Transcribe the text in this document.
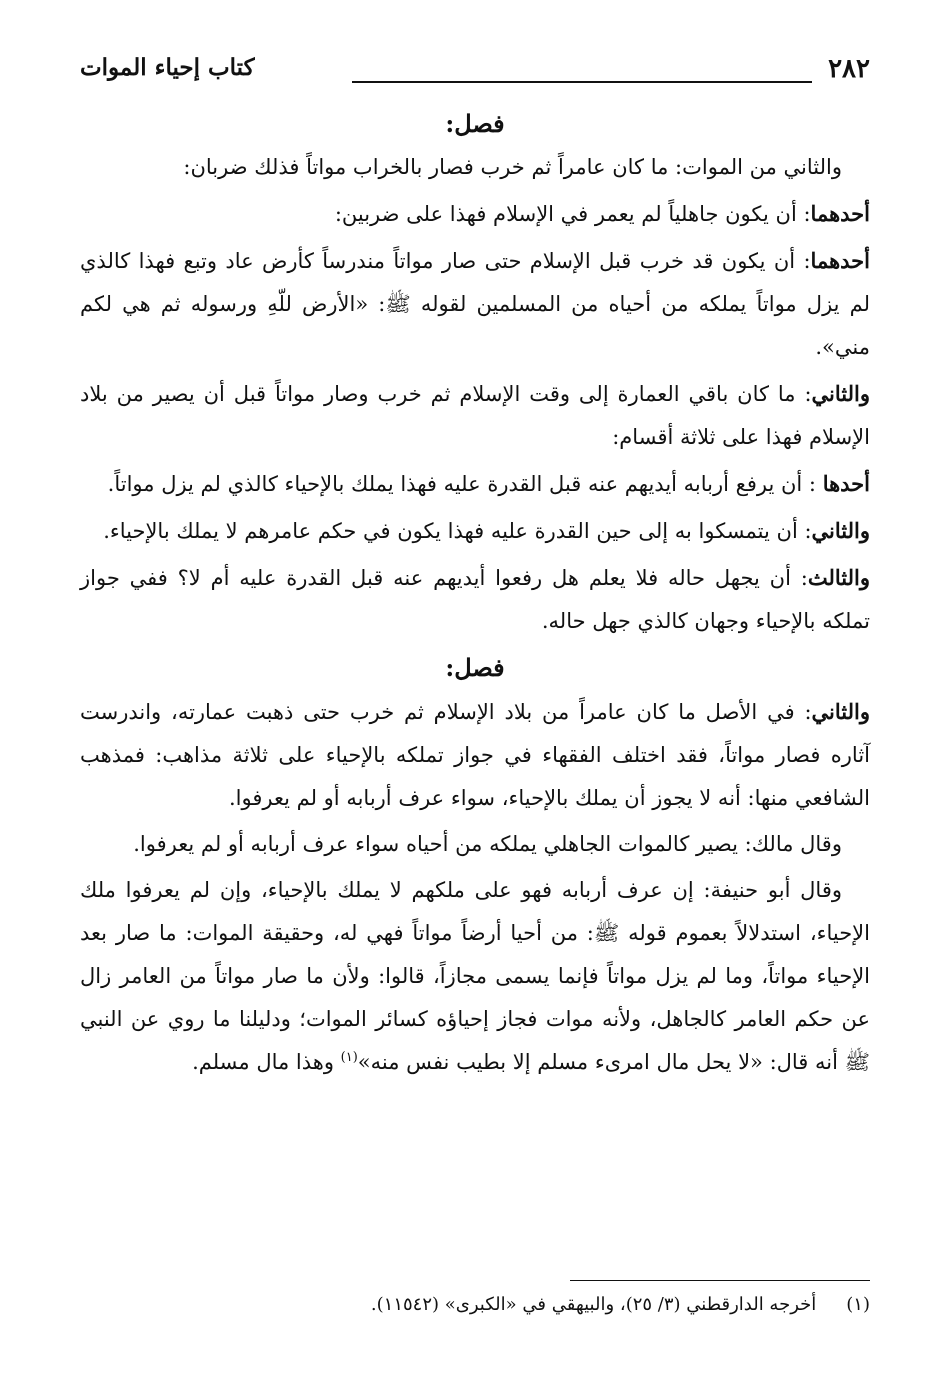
٢٨٢
كتاب إحياء الموات
فصل:

والثاني من الموات: ما كان عامراً ثم خرب فصار بالخراب مواتاً فذلك ضربان:

أحدهما: أن يكون جاهلياً لم يعمر في الإسلام فهذا على ضربين:

أحدهما: أن يكون قد خرب قبل الإسلام حتى صار مواتاً مندرساً كأرض عاد وتبع فهذا كالذي لم يزل مواتاً يملكه من أحياه من المسلمين لقوله ﷺ: «الأرض للّهِ ورسوله ثم هي لكم مني».

والثاني: ما كان باقي العمارة إلى وقت الإسلام ثم خرب وصار مواتاً قبل أن يصير من بلاد الإسلام فهذا على ثلاثة أقسام:

أحدها : أن يرفع أربابه أيديهم عنه قبل القدرة عليه فهذا يملك بالإحياء كالذي لم يزل مواتاً.

والثاني: أن يتمسكوا به إلى حين القدرة عليه فهذا يكون في حكم عامرهم لا يملك بالإحياء.

والثالث: أن يجهل حاله فلا يعلم هل رفعوا أيديهم عنه قبل القدرة عليه أم لا؟ ففي جواز تملكه بالإحياء وجهان كالذي جهل حاله.

فصل:

والثاني: في الأصل ما كان عامراً من بلاد الإسلام ثم خرب حتى ذهبت عمارته، واندرست آثاره فصار مواتاً، فقد اختلف الفقهاء في جواز تملكه بالإحياء على ثلاثة مذاهب: فمذهب الشافعي منها: أنه لا يجوز أن يملك بالإحياء، سواء عرف أربابه أو لم يعرفوا.

وقال مالك: يصير كالموات الجاهلي يملكه من أحياه سواء عرف أربابه أو لم يعرفوا.

وقال أبو حنيفة: إن عرف أربابه فهو على ملكهم لا يملك بالإحياء، وإن لم يعرفوا ملك الإحياء، استدلالاً بعموم قوله ﷺ: من أحيا أرضاً مواتاً فهي له، وحقيقة الموات: ما صار بعد الإحياء مواتاً، وما لم يزل مواتاً فإنما يسمى مجازاً، قالوا: ولأن ما صار مواتاً من العامر زال عن حكم العامر كالجاهل، ولأنه موات فجاز إحياؤه كسائر الموات؛ ودليلنا ما روي عن النبي ﷺ أنه قال: «لا يحل مال امرىء مسلم إلا بطيب نفس منه»$^{(١)}$ وهذا مال مسلم.

(١)أخرجه الدارقطني (٣/ ٢٥)، والبيهقي في «الكبرى» (١١٥٤٢).
